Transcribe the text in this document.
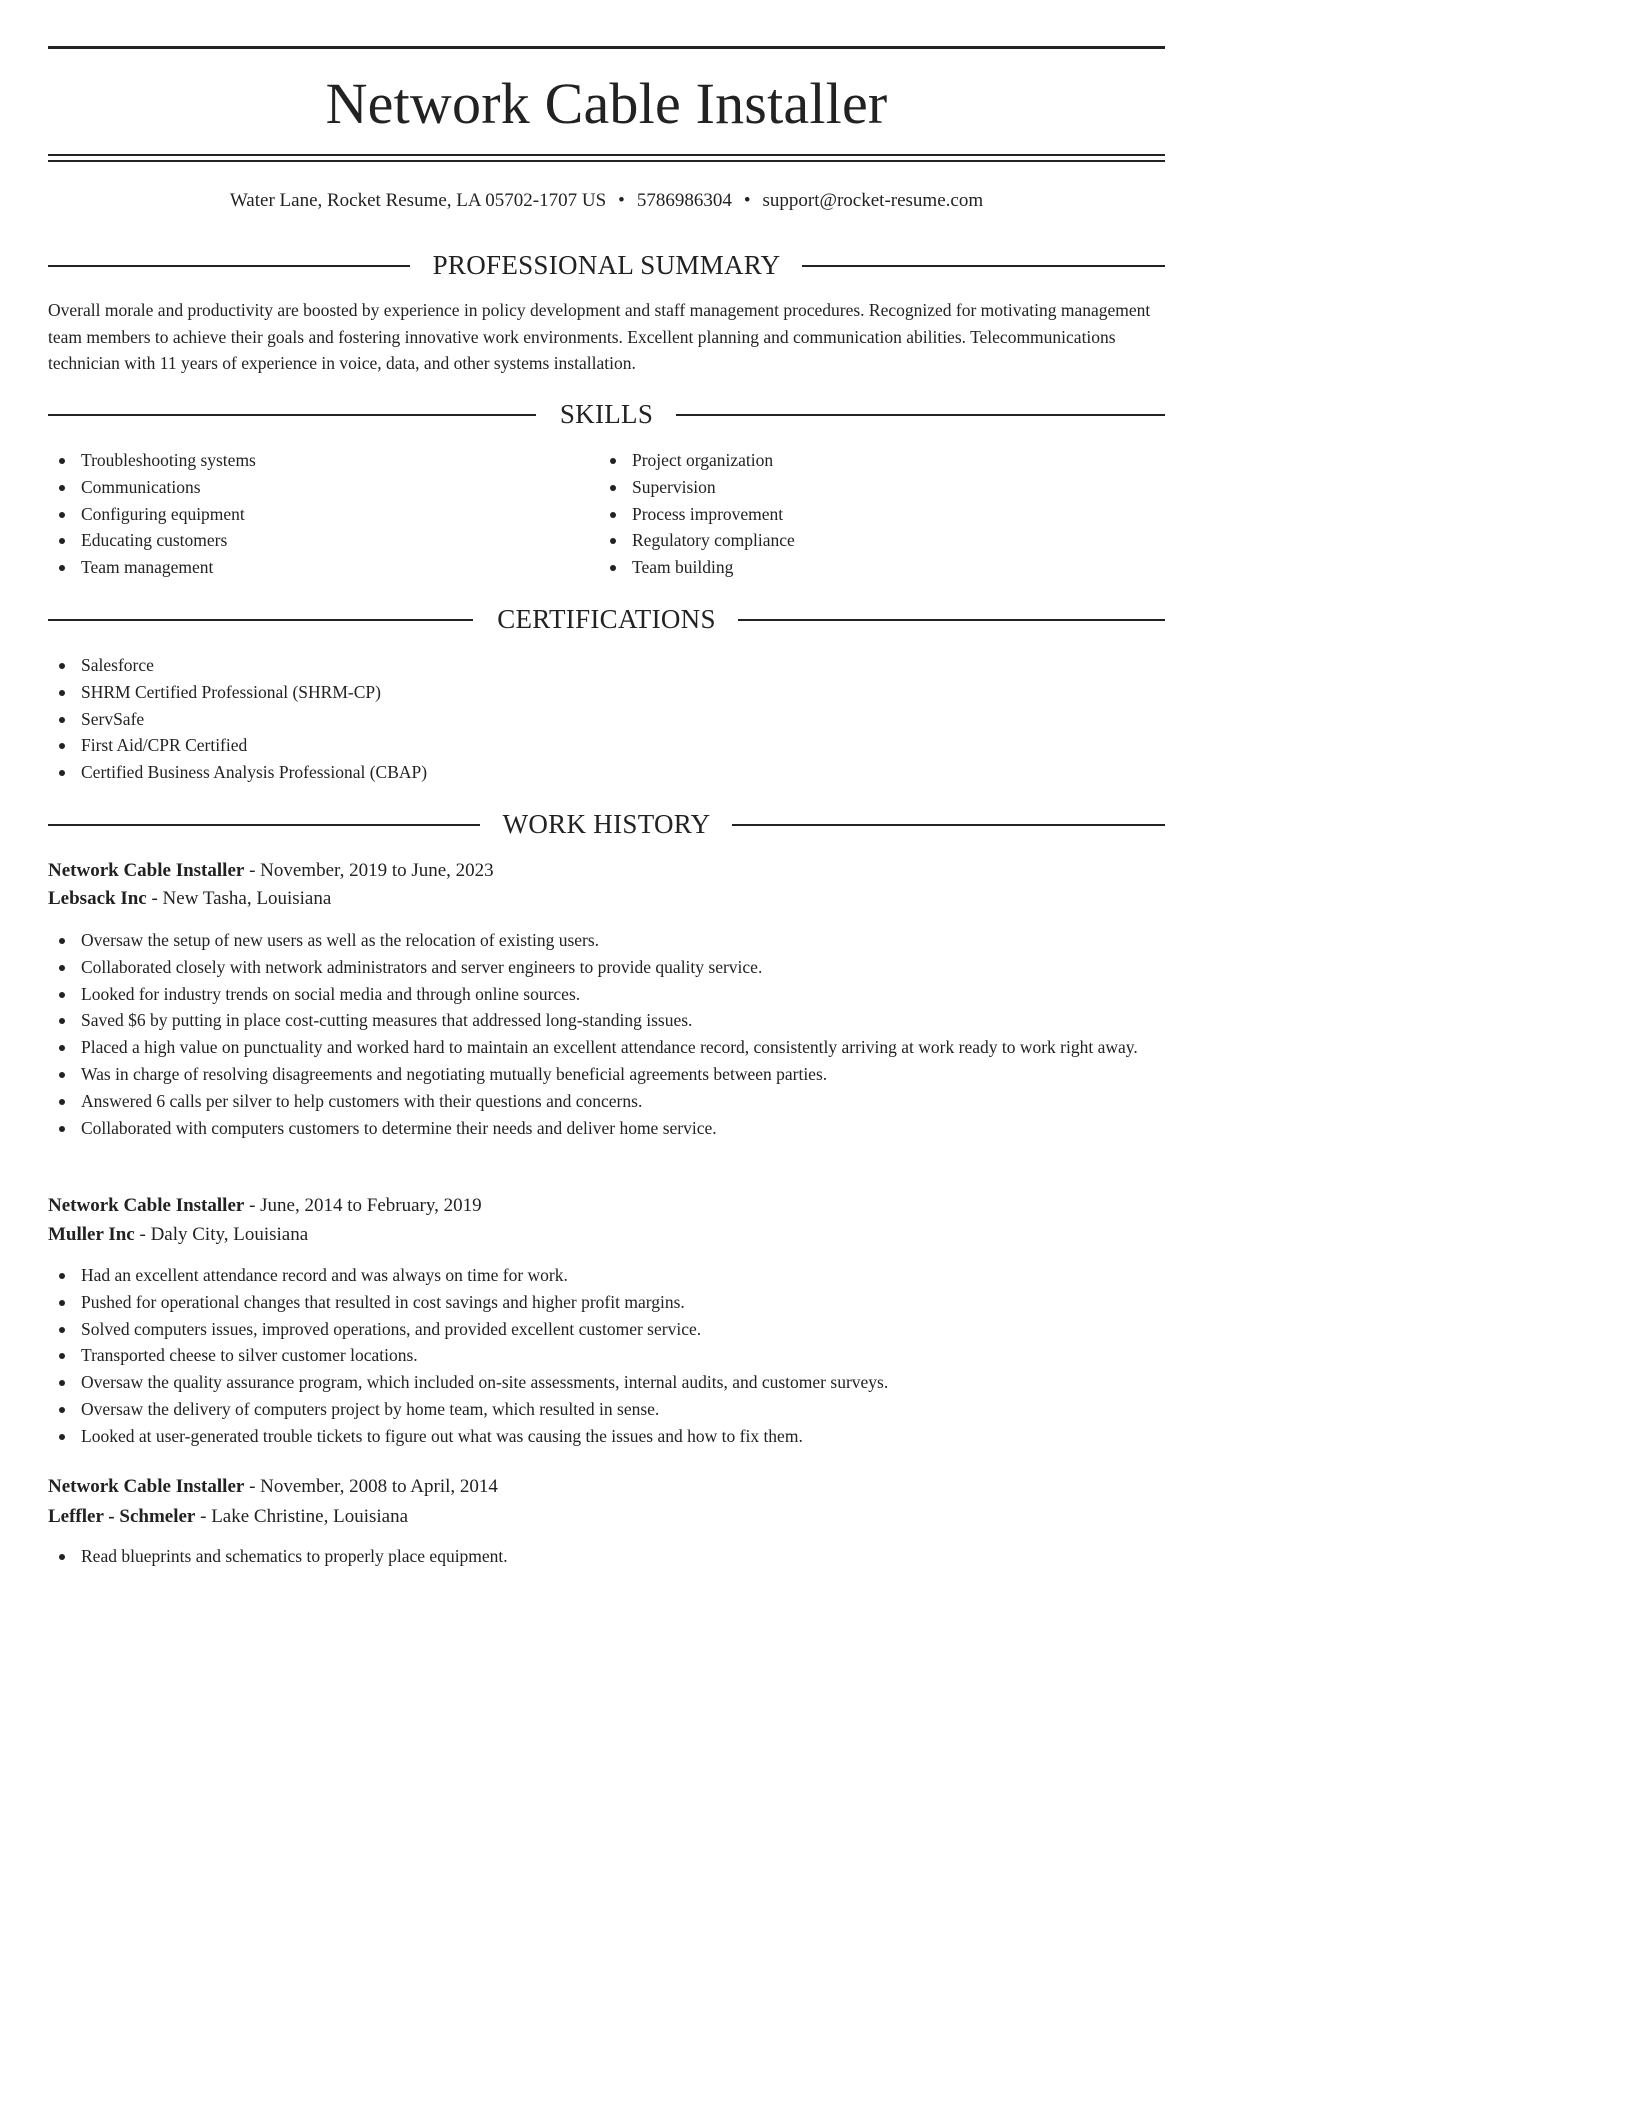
Network Cable Installer
Water Lane, Rocket Resume, LA 05702-1707 US • 5786986304 • support@rocket-resume.com
PROFESSIONAL SUMMARY

Overall morale and productivity are boosted by experience in policy development and staff management procedures. Recognized for motivating management team members to achieve their goals and fostering innovative work environments. Excellent planning and communication abilities. Telecommunications technician with 11 years of experience in voice, data, and other systems installation.

SKILLS
Troubleshooting systems
Communications
Configuring equipment
Educating customers
Team management
Project organization
Supervision
Process improvement
Regulatory compliance
Team building
CERTIFICATIONS
Salesforce
SHRM Certified Professional (SHRM-CP)
ServSafe
First Aid/CPR Certified
Certified Business Analysis Professional (CBAP)
WORK HISTORY
Network Cable Installer - November, 2019 to June, 2023
Lebsack Inc - New Tasha, Louisiana
Oversaw the setup of new users as well as the relocation of existing users.
Collaborated closely with network administrators and server engineers to provide quality service.
Looked for industry trends on social media and through online sources.
Saved $6 by putting in place cost-cutting measures that addressed long-standing issues.
Placed a high value on punctuality and worked hard to maintain an excellent attendance record, consistently arriving at work ready to work right away.
Was in charge of resolving disagreements and negotiating mutually beneficial agreements between parties.
Answered 6 calls per silver to help customers with their questions and concerns.
Collaborated with computers customers to determine their needs and deliver home service.
Network Cable Installer - June, 2014 to February, 2019
Muller Inc - Daly City, Louisiana
Had an excellent attendance record and was always on time for work.
Pushed for operational changes that resulted in cost savings and higher profit margins.
Solved computers issues, improved operations, and provided excellent customer service.
Transported cheese to silver customer locations.
Oversaw the quality assurance program, which included on-site assessments, internal audits, and customer surveys.
Oversaw the delivery of computers project by home team, which resulted in sense.
Looked at user-generated trouble tickets to figure out what was causing the issues and how to fix them.
Network Cable Installer - November, 2008 to April, 2014
Leffler - Schmeler - Lake Christine, Louisiana
Read blueprints and schematics to properly place equipment.
